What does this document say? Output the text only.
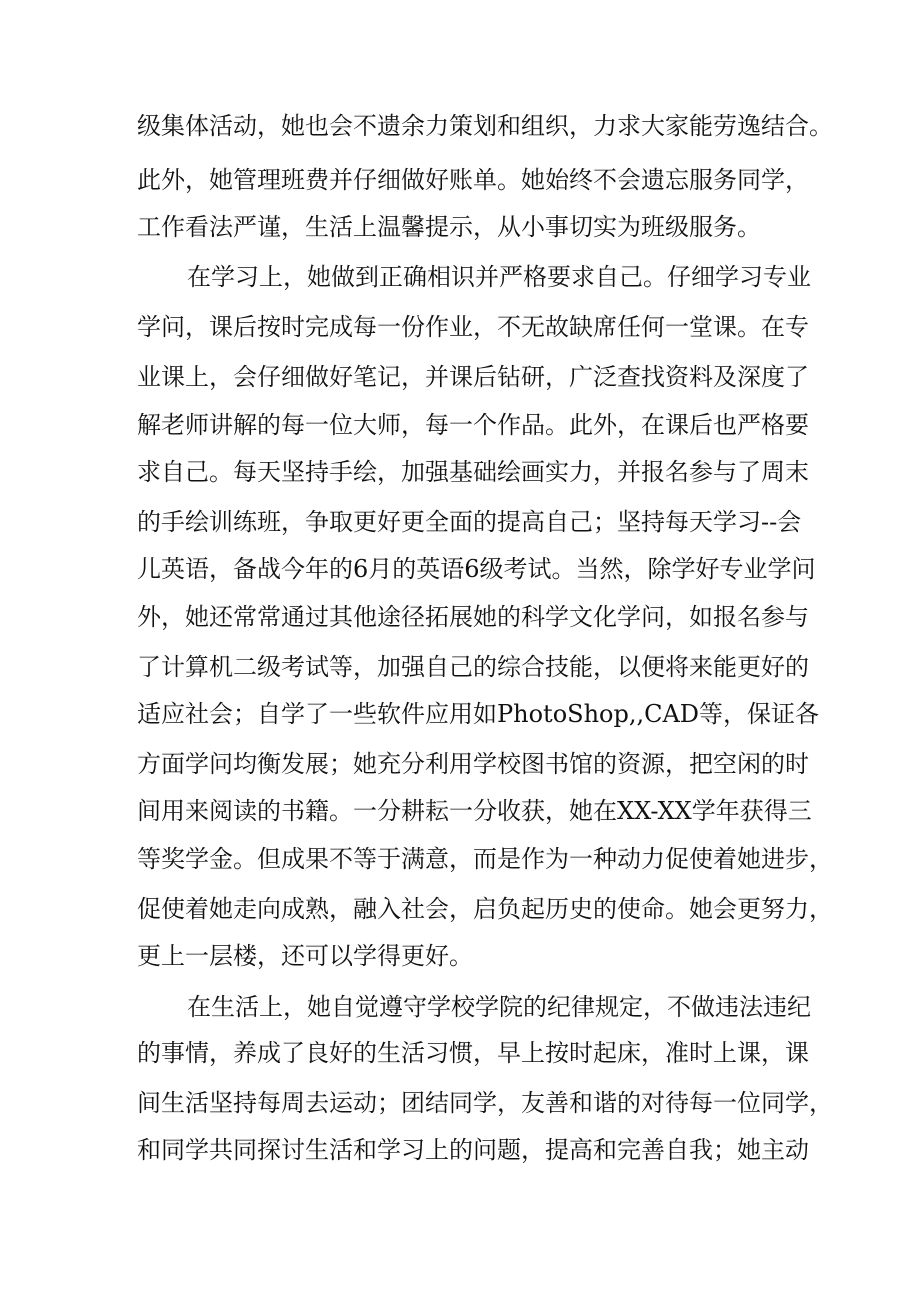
级集体活动，她也会不遗余力策划和组织，力求大家能劳逸结合。
此外，她管理班费并仔细做好账单。她始终不会遗忘服务同学，
工作看法严谨，生活上温馨提示，从小事切实为班级服务。
在学习上，她做到正确相识并严格要求自己。仔细学习专业
学问，课后按时完成每一份作业，不无故缺席任何一堂课。在专
业课上，会仔细做好笔记，并课后钻研，广泛查找资料及深度了
解老师讲解的每一位大师，每一个作品。此外，在课后也严格要
求自己。每天坚持手绘，加强基础绘画实力，并报名参与了周末
的手绘训练班，争取更好更全面的提高自己；坚持每天学习--会
儿英语，备战今年的6月的英语6级考试。当然，除学好专业学问
外，她还常常通过其他途径拓展她的科学文化学问，如报名参与
了计算机二级考试等，加强自己的综合技能，以便将来能更好的
适应社会；自学了一些软件应用如PhotoShop,,CAD等，保证各
方面学问均衡发展；她充分利用学校图书馆的资源，把空闲的时
间用来阅读的书籍。一分耕耘一分收获，她在XX-XX学年获得三
等奖学金。但成果不等于满意，而是作为一种动力促使着她进步，
促使着她走向成熟，融入社会，启负起历史的使命。她会更努力，
更上一层楼，还可以学得更好。
在生活上，她自觉遵守学校学院的纪律规定，不做违法违纪
的事情，养成了良好的生活习惯，早上按时起床，准时上课，课
间生活坚持每周去运动；团结同学，友善和谐的对待每一位同学，
和同学共同探讨生活和学习上的问题，提高和完善自我；她主动
